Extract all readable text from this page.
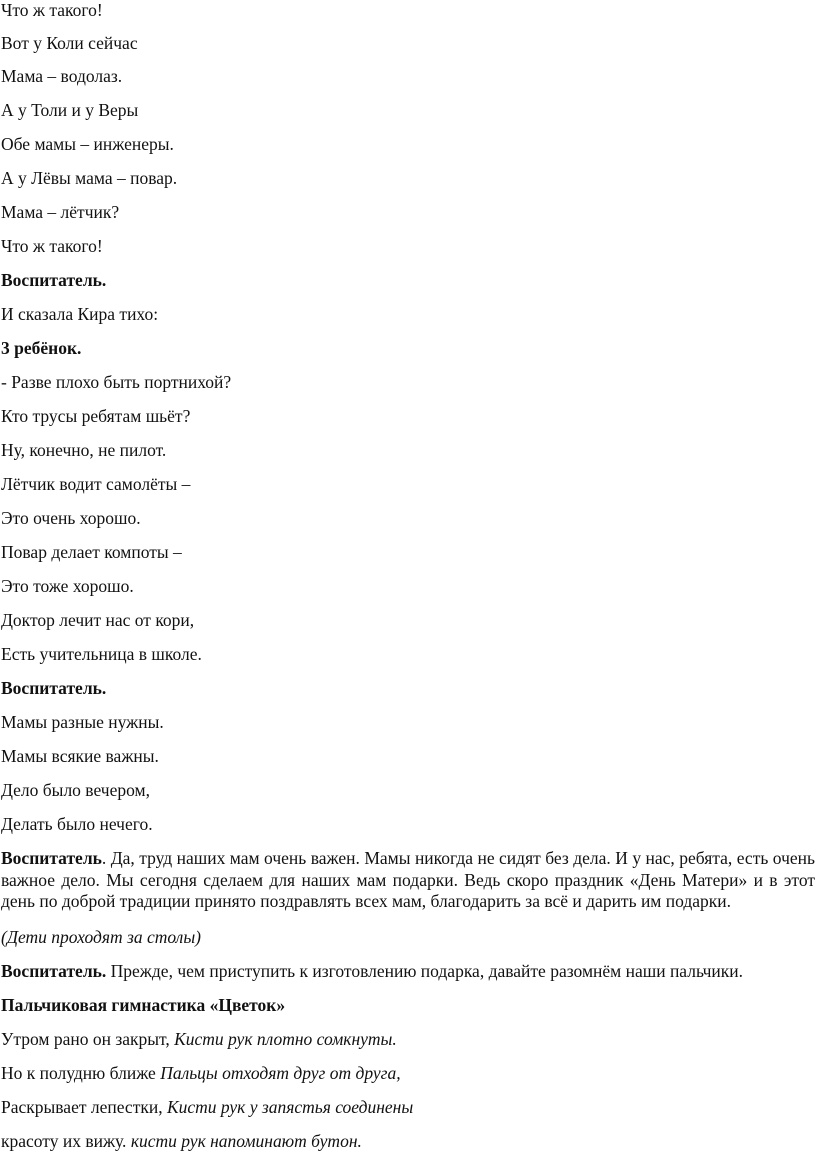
Что ж такого!

Вот у Коли сейчас

Мама – водолаз.

А у Толи и у Веры

Обе мамы – инженеры.

А у Лёвы мама – повар.

Мама – лётчик?

Что ж такого!

Воспитатель.

И сказала Кира тихо:

3 ребёнок.

- Разве плохо быть портнихой?

Кто трусы ребятам шьёт?

Ну, конечно, не пилот.

Лётчик водит самолёты –

Это очень хорошо.

Повар делает компоты –

Это тоже хорошо.

Доктор лечит нас от кори,

Есть учительница в школе.

Воспитатель.

Мамы разные нужны.

Мамы всякие важны.

Дело было вечером,

Делать было нечего.

Воспитатель. Да, труд наших мам очень важен. Мамы никогда не сидят без дела. И у нас, ребята, есть очень важное дело. Мы сегодня сделаем для наших мам подарки. Ведь скоро праздник «День Матери» и в этот день по доброй традиции принято поздравлять всех мам, благодарить за всё и дарить им подарки.

(Дети проходят за столы)

Воспитатель. Прежде, чем приступить к изготовлению подарка, давайте разомнём наши пальчики.

Пальчиковая гимнастика «Цветок»

Утром рано он закрыт, Кисти рук плотно сомкнуты.

Но к полудню ближе Пальцы отходят друг от друга,

Раскрывает лепестки, Кисти рук у запястья соединены

красоту их вижу. кисти рук напоминают бутон.
